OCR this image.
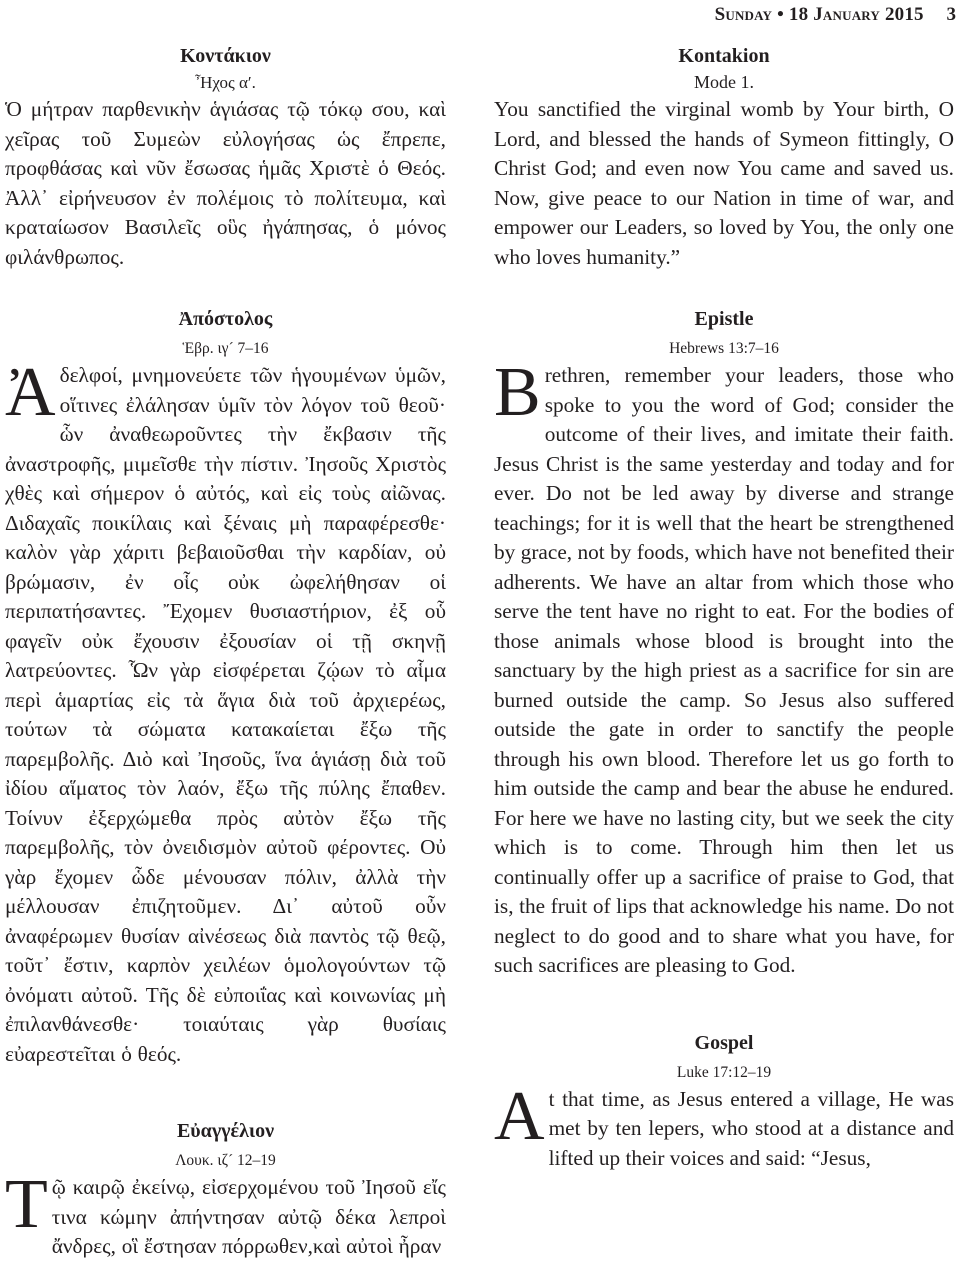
Sunday • 18 January 2015 3

Κοντάκιον

Ἦχος αʹ.

Ὁ μήτραν παρθενικὴν ἁγιάσας τῷ τόκῳ σου, καὶ χεῖρας τοῦ Συμεὼν εὐλογήσας ὡς ἔπρεπε, προφθάσας καὶ νῦν ἔσωσας ἡμᾶς Χριστὲ ὁ Θεός. Ἀλλ᾽ εἰρήνευσον ἐν πολέμοις τὸ πολίτευμα, καὶ κραταίωσον Βασιλεῖς οὓς ἠγάπησας, ὁ μόνος φιλάνθρωπος.

Ἀπόστολος

Ἑβρ. ιγ´ 7–16

Ἀδελφοί, μνημονεύετε τῶν ἡγουμένων ὑμῶν, οἵτινες ἐλάλησαν ὑμῖν τὸν λόγον τοῦ θεοῦ· ὧν ἀναθεωροῦντες τὴν ἔκβασιν τῆς ἀναστροφῆς, μιμεῖσθε τὴν πίστιν. Ἰησοῦς Χριστὸς χθὲς καὶ σήμερον ὁ αὐτός, καὶ εἰς τοὺς αἰῶνας. Διδαχαῖς ποικίλαις καὶ ξέναις μὴ παραφέρεσθε· καλὸν γὰρ χάριτι βεβαιοῦσθαι τὴν καρδίαν, οὐ βρώμασιν, ἐν οἷς οὐκ ὠφελήθησαν οἱ περιπατήσαντες. Ἔχομεν θυσιαστήριον, ἐξ οὗ φαγεῖν οὐκ ἔχουσιν ἐξουσίαν οἱ τῇ σκηνῇ λατρεύοντες. Ὧν γὰρ εἰσφέρεται ζῴων τὸ αἷμα περὶ ἁμαρτίας εἰς τὰ ἅγια διὰ τοῦ ἀρχιερέως, τούτων τὰ σώματα κατακαίεται ἔξω τῆς παρεμβολῆς. Διὸ καὶ Ἰησοῦς, ἵνα ἁγιάσῃ διὰ τοῦ ἰδίου αἵματος τὸν λαόν, ἔξω τῆς πύλης ἔπαθεν. Τοίνυν ἐξερχώμεθα πρὸς αὐτὸν ἔξω τῆς παρεμβολῆς, τὸν ὀνειδισμὸν αὐτοῦ φέροντες. Οὐ γὰρ ἔχομεν ὧδε μένουσαν πόλιν, ἀλλὰ τὴν μέλλουσαν ἐπιζητοῦμεν. Δι᾽ αὐτοῦ οὖν ἀναφέρωμεν θυσίαν αἰνέσεως διὰ παντὸς τῷ θεῷ, τοῦτ᾽ ἔστιν, καρπὸν χειλέων ὁμολογούντων τῷ ὀνόματι αὐτοῦ. Τῆς δὲ εὐποιΐας καὶ κοινωνίας μὴ ἐπιλανθάνεσθε· τοιαύταις γὰρ θυσίαις εὐαρεστεῖται ὁ θεός.

Εὐαγγέλιον

Λουκ. ιζ´ 12–19

Τῷ καιρῷ ἐκείνῳ, εἰσερχομένου τοῦ Ἰησοῦ εἴς τινα κώμην ἀπήντησαν αὐτῷ δέκα λεπροὶ ἄνδρες, οἳ ἔστησαν πόρρωθεν,καὶ αὐτοὶ ἦραν

Kontakion

Mode 1.

You sanctified the virginal womb by Your birth, O Lord, and blessed the hands of Symeon fittingly, O Christ God; and even now You came and saved us. Now, give peace to our Nation in time of war, and empower our Leaders, so loved by You, the only one who loves humanity.”

Epistle

Hebrews 13:7–16

Brethren, remember your leaders, those who spoke to you the word of God; consider the outcome of their lives, and imitate their faith. Jesus Christ is the same yesterday and today and for ever. Do not be led away by diverse and strange teachings; for it is well that the heart be strengthened by grace, not by foods, which have not benefited their adherents. We have an altar from which those who serve the tent have no right to eat. For the bodies of those animals whose blood is brought into the sanctuary by the high priest as a sacrifice for sin are burned outside the camp. So Jesus also suffered outside the gate in order to sanctify the people through his own blood. Therefore let us go forth to him outside the camp and bear the abuse he endured. For here we have no lasting city, but we seek the city which is to come. Through him then let us continually offer up a sacrifice of praise to God, that is, the fruit of lips that acknowledge his name. Do not neglect to do good and to share what you have, for such sacrifices are pleasing to God.

Gospel

Luke 17:12–19

At that time, as Jesus entered a village, He was met by ten lepers, who stood at a distance and lifted up their voices and said: “Jesus,
